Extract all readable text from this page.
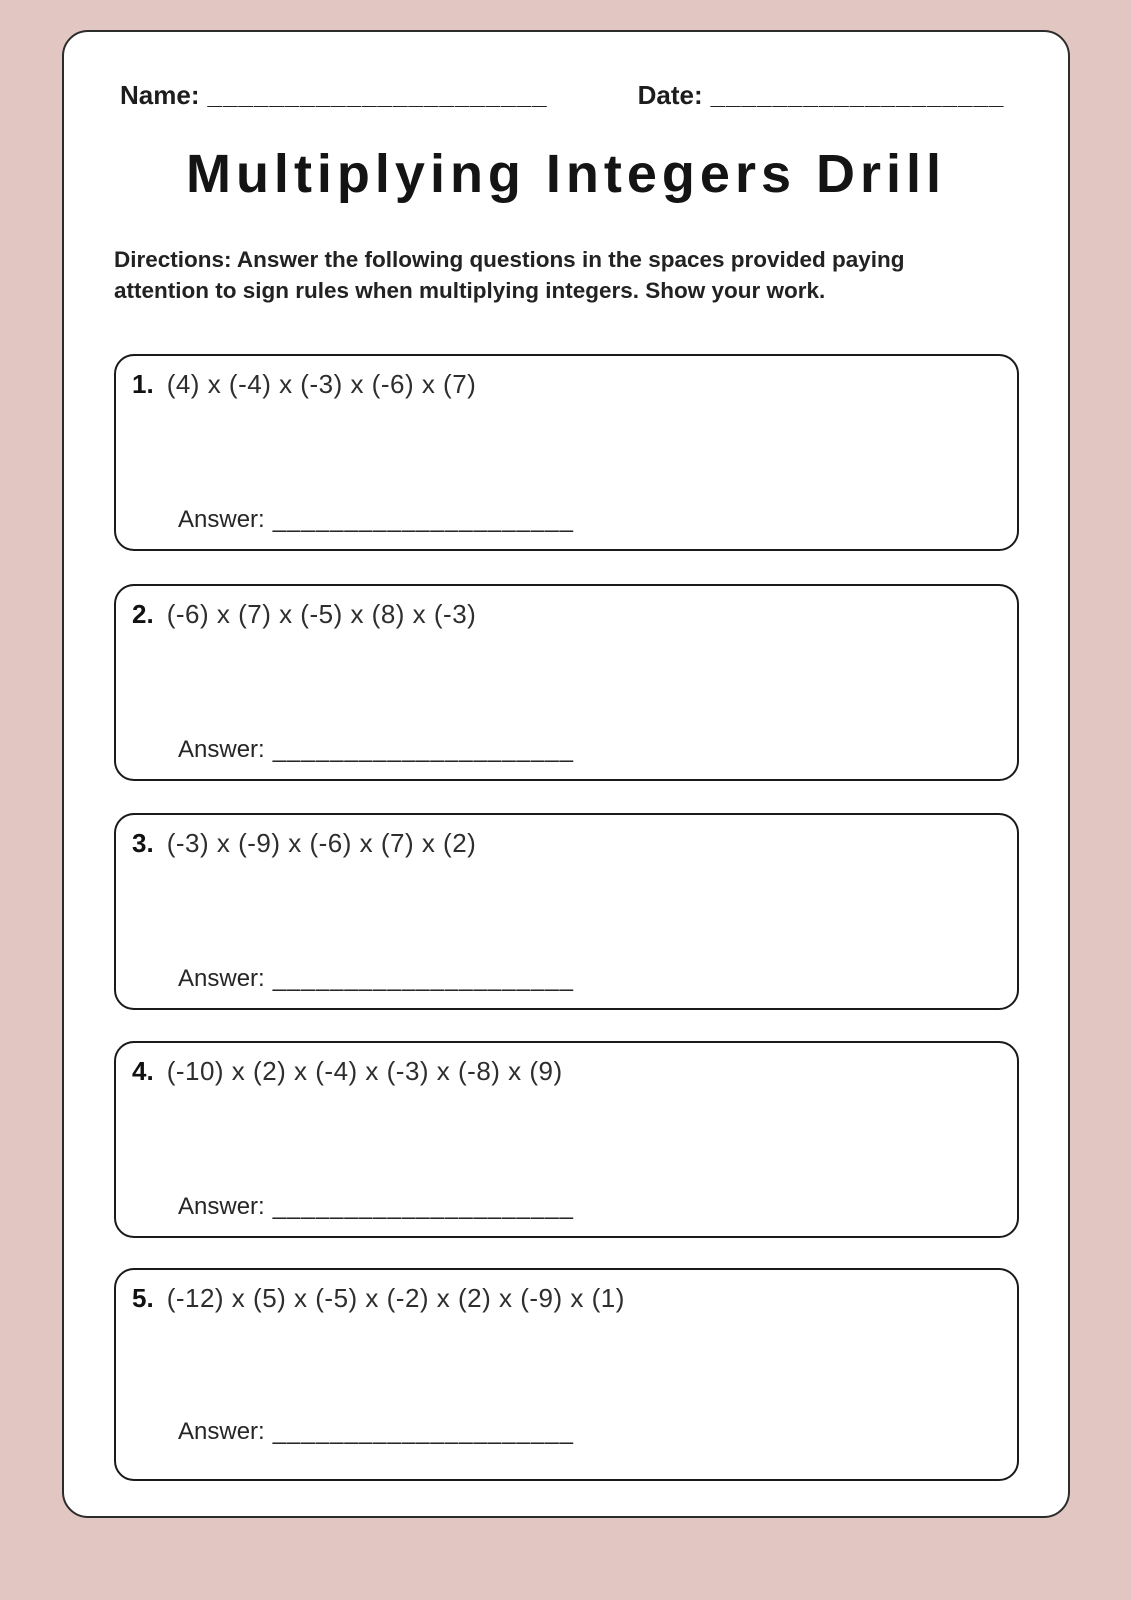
Name: ______________________	Date: ___________________
Multiplying Integers Drill
Directions: Answer the following questions in the spaces provided paying
attention to sign rules when multiplying integers. Show your work.
1. (4) x (-4) x (-3) x (-6) x (7)
Answer: _____________________
2. (-6) x (7) x (-5) x (8) x (-3)
Answer: _____________________
3. (-3) x (-9) x (-6) x (7) x (2)
Answer: _____________________
4. (-10) x (2) x (-4) x (-3) x (-8) x (9)
Answer: _____________________
5. (-12) x (5) x (-5) x (-2) x (2) x (-9) x (1)
Answer: _____________________
